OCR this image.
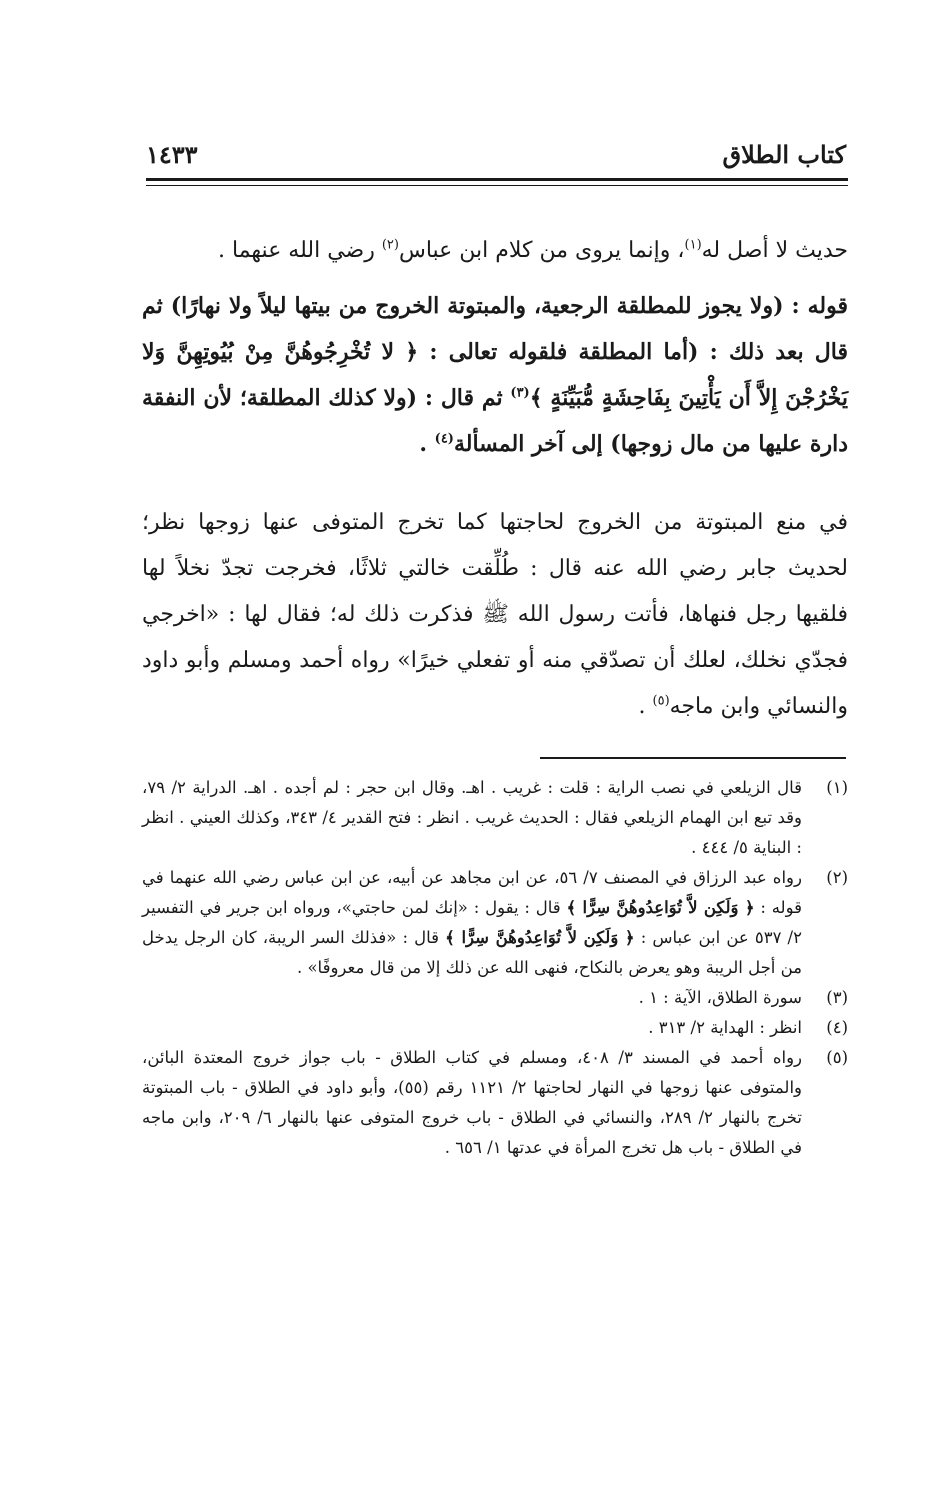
كتاب الطلاق
١٤٣٣

حديث لا أصل له$^{(١)}$، وإنما يروى من كلام ابن عباس$^{(٢)}$ رضي الله عنهما .

قوله : (ولا يجوز للمطلقة الرجعية، والمبتوتة الخروج من بيتها ليلاً ولا نهارًا) ثم قال بعد ذلك : (أما المطلقة فلقوله تعالى : ﴿ لا تُخْرِجُوهُنَّ مِنْ بُيُوتِهِنَّ وَلا يَخْرُجْنَ إِلاَّ أَن يَأْتِينَ بِفَاحِشَةٍ مُّبَيِّنَةٍ ﴾$^{(٣)}$ ثم قال : (ولا كذلك المطلقة؛ لأن النفقة دارة عليها من مال زوجها) إلى آخر المسألة$^{(٤)}$ .

في منع المبتوتة من الخروج لحاجتها كما تخرج المتوفى عنها زوجها نظر؛ لحديث جابر رضي الله عنه قال : طُلِّقت خالتي ثلاثًا، فخرجت تجدّ نخلاً لها فلقيها رجل فنهاها، فأتت رسول الله ﷺ فذكرت ذلك له؛ فقال لها : «اخرجي فجدّي نخلك، لعلك أن تصدّقي منه أو تفعلي خيرًا» رواه أحمد ومسلم وأبو داود والنسائي وابن ماجه$^{(٥)}$ .

(١)
قال الزيلعي في نصب الراية : قلت : غريب . اهـ. وقال ابن حجر : لم أجده . اهـ. الدراية ٢/ ٧٩، وقد تبع ابن الهمام الزيلعي فقال : الحديث غريب . انظر : فتح القدير ٤/ ٣٤٣، وكذلك العيني . انظر : البناية ٥/ ٤٤٤ .
(٢)
رواه عبد الرزاق في المصنف ٧/ ٥٦، عن ابن مجاهد عن أبيه، عن ابن عباس رضي الله عنهما في قوله : ﴿ وَلَكِن لاَّ تُوَاعِدُوهُنَّ سِرًّا ﴾ قال : يقول : «إنك لمن حاجتي»، ورواه ابن جرير في التفسير ٢/ ٥٣٧ عن ابن عباس : ﴿ وَلَكِن لاَّ تُوَاعِدُوهُنَّ سِرًّا ﴾ قال : «فذلك السر الريبة، كان الرجل يدخل من أجل الريبة وهو يعرض بالنكاح، فنهى الله عن ذلك إلا من قال معروفًا» .
(٣)
سورة الطلاق، الآية : ١ .
(٤)
انظر : الهداية ٢/ ٣١٣ .
(٥)
رواه أحمد في المسند ٣/ ٤٠٨، ومسلم في كتاب الطلاق - باب جواز خروج المعتدة البائن، والمتوفى عنها زوجها في النهار لحاجتها ٢/ ١١٢١ رقم (٥٥)، وأبو داود في الطلاق - باب المبتوتة تخرج بالنهار ٢/ ٢٨٩، والنسائي في الطلاق - باب خروج المتوفى عنها بالنهار ٦/ ٢٠٩، وابن ماجه في الطلاق - باب هل تخرج المرأة في عدتها ١/ ٦٥٦ .
